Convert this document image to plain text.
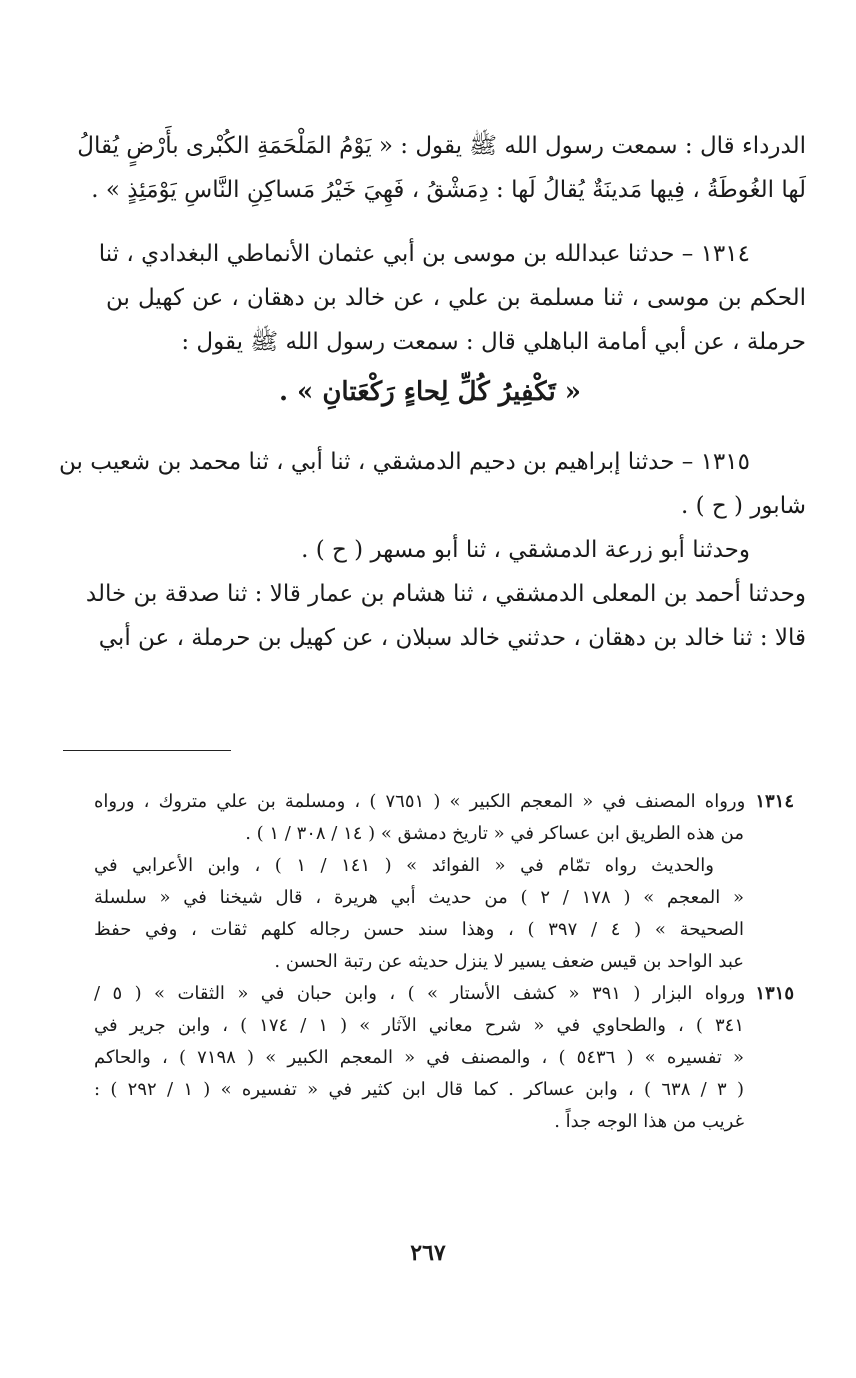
الدرداء قال : سمعت رسول الله ﷺ يقول : « يَوْمُ المَلْحَمَةِ الكُبْرى بأَرْضٍ يُقالُ
لَها الغُوطَةُ ، فِيها مَدينَةٌ يُقالُ لَها : دِمَشْقُ ، فَهِيَ خَيْرُ مَساكِنِ النَّاسِ يَوْمَئِذٍ » .
١٣١٤ – حدثنا عبدالله بن موسى بن أبي عثمان الأنماطي البغدادي ، ثنا
الحكم بن موسى ، ثنا مسلمة بن علي ، عن خالد بن دهقان ، عن كهيل بن
حرملة ، عن أبي أمامة الباهلي قال : سمعت رسول الله ﷺ يقول :
« تَكْفِيرُ كُلِّ لِحاءٍ رَكْعَتانِ » .
١٣١٥ – حدثنا إبراهيم بن دحيم الدمشقي ، ثنا أبي ، ثنا محمد بن شعيب بن
شابور ( ح ) .
وحدثنا أبو زرعة الدمشقي ، ثنا أبو مسهر ( ح ) .
وحدثنا أحمد بن المعلى الدمشقي ، ثنا هشام بن عمار قالا : ثنا صدقة بن خالد
قالا : ثنا خالد بن دهقان ، حدثني خالد سبلان ، عن كهيل بن حرملة ، عن أبي
١٣١٤ورواه المصنف في « المعجم الكبير » ( ٧٦٥١ ) ، ومسلمة بن علي متروك ، ورواه
من هذه الطريق ابن عساكر في « تاريخ دمشق » ( ١٤ / ٣٠٨ / ١ ) .
والحديث رواه تمّام في « الفوائد » ( ١٤١ / ١ ) ، وابن الأعرابي في
« المعجم » ( ١٧٨ / ٢ ) من حديث أبي هريرة ، قال شيخنا في « سلسلة
الصحيحة » ( ٤ / ٣٩٧ ) ، وهذا سند حسن رجاله كلهم ثقات ، وفي حفظ
عبد الواحد بن قيس ضعف يسير لا ينزل حديثه عن رتبة الحسن .
١٣١٥ورواه البزار ( ٣٩١ « كشف الأستار » ) ، وابن حبان في « الثقات » ( ٥ /
٣٤١ ) ، والطحاوي في « شرح معاني الآثار » ( ١ / ١٧٤ ) ، وابن جرير في
« تفسيره » ( ٥٤٣٦ ) ، والمصنف في « المعجم الكبير » ( ٧١٩٨ ) ، والحاكم
( ٣ / ٦٣٨ ) ، وابن عساكر . كما قال ابن كثير في « تفسيره » ( ١ / ٢٩٢ ) :
غريب من هذا الوجه جداً .
٢٦٧
